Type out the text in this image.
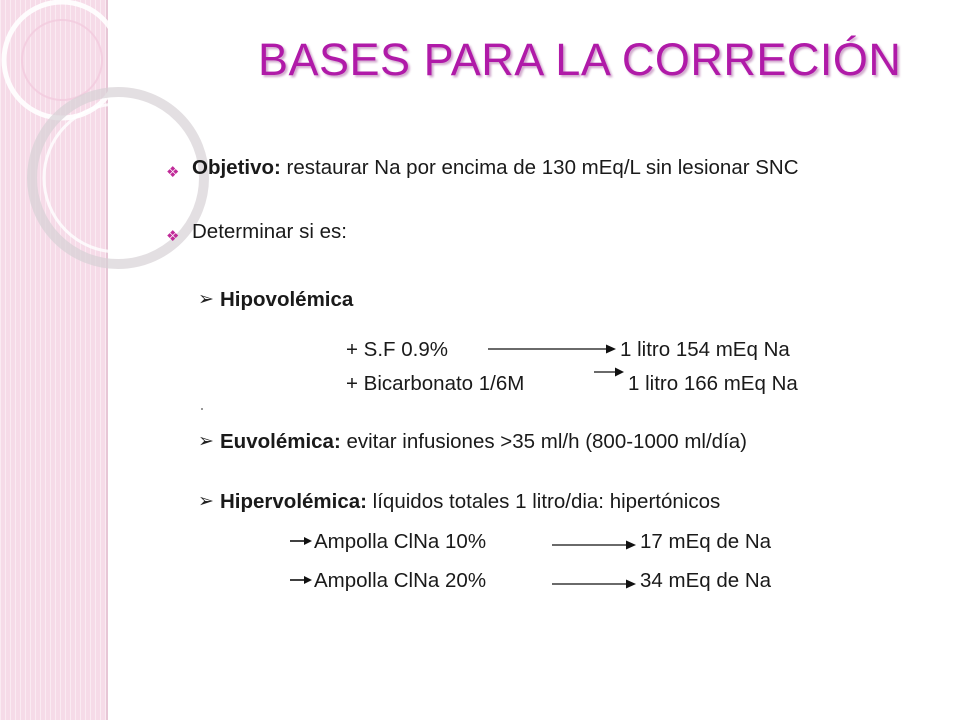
BASES PARA LA CORRECIÓN
❖ Objetivo: restaurar Na por encima de 130 mEq/L sin lesionar SNC
❖ Determinar si es:
➢ Hipovolémica
+ S.F 0.9%	1 litro 154 mEq Na
+ Bicarbonato 1/6M	1 litro 166 mEq Na
➢ Euvolémica: evitar infusiones >35 ml/h (800-1000 ml/día)
➢ Hipervolémica: líquidos totales 1 litro/dia: hipertónicos
Ampolla ClNa 10%	17 mEq de Na
Ampolla ClNa 20%	34 mEq de Na
